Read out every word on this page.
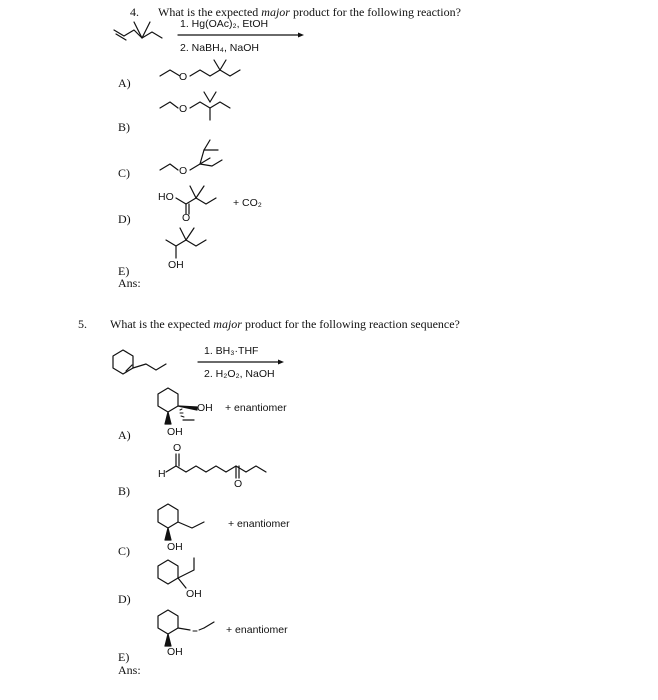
4. What is the expected major product for the following reaction?
1. Hg(OAc)₂, EtOH
2. NaBH₄, NaOH
O
O
O
HO
O
+ CO₂
OH
A)
B)
C)
D)
E)
Ans:
5. What is the expected major product for the following reaction sequence?
1. BH₃·THF
2. H₂O₂, NaOH
OH + enantiomer
OH
O
H
O
OH
+ enantiomer
OH
OH
+ enantiomer
A)
B)
C)
D)
E)
Ans:
